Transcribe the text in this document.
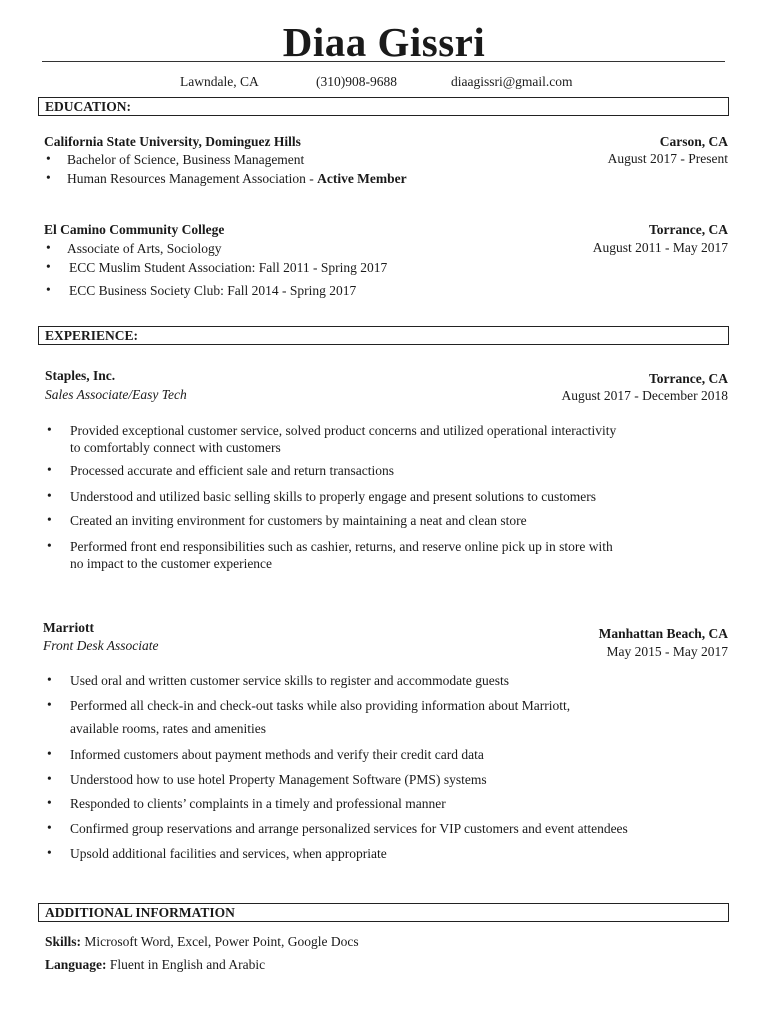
Diaa Gissri
Lawndale, CA	(310)908-9688	diaagissri@gmail.com
EDUCATION:
California State University, Dominguez Hills	Carson, CA
August 2017 - Present
• Bachelor of Science, Business Management
• Human Resources Management Association - Active Member
El Camino Community College	Torrance, CA
August 2011 - May 2017
• Associate of Arts, Sociology
• ECC Muslim Student Association: Fall 2011 - Spring 2017
• ECC Business Society Club: Fall 2014 - Spring 2017
EXPERIENCE:
Staples, Inc.
Sales Associate/Easy Tech
Torrance, CA
August 2017 - December 2018
• Provided exceptional customer service, solved product concerns and utilized operational interactivity
to comfortably connect with customers
• Processed accurate and efficient sale and return transactions
• Understood and utilized basic selling skills to properly engage and present solutions to customers
• Created an inviting environment for customers by maintaining a neat and clean store
• Performed front end responsibilities such as cashier, returns, and reserve online pick up in store with
no impact to the customer experience
Marriott
Front Desk Associate
Manhattan Beach, CA
May 2015 - May 2017
• Used oral and written customer service skills to register and accommodate guests
• Performed all check-in and check-out tasks while also providing information about Marriott,
available rooms, rates and amenities
• Informed customers about payment methods and verify their credit card data
• Understood how to use hotel Property Management Software (PMS) systems
• Responded to clients’ complaints in a timely and professional manner
• Confirmed group reservations and arrange personalized services for VIP customers and event attendees
• Upsold additional facilities and services, when appropriate
ADDITIONAL INFORMATION
Skills: Microsoft Word, Excel, Power Point, Google Docs
Language: Fluent in English and Arabic
